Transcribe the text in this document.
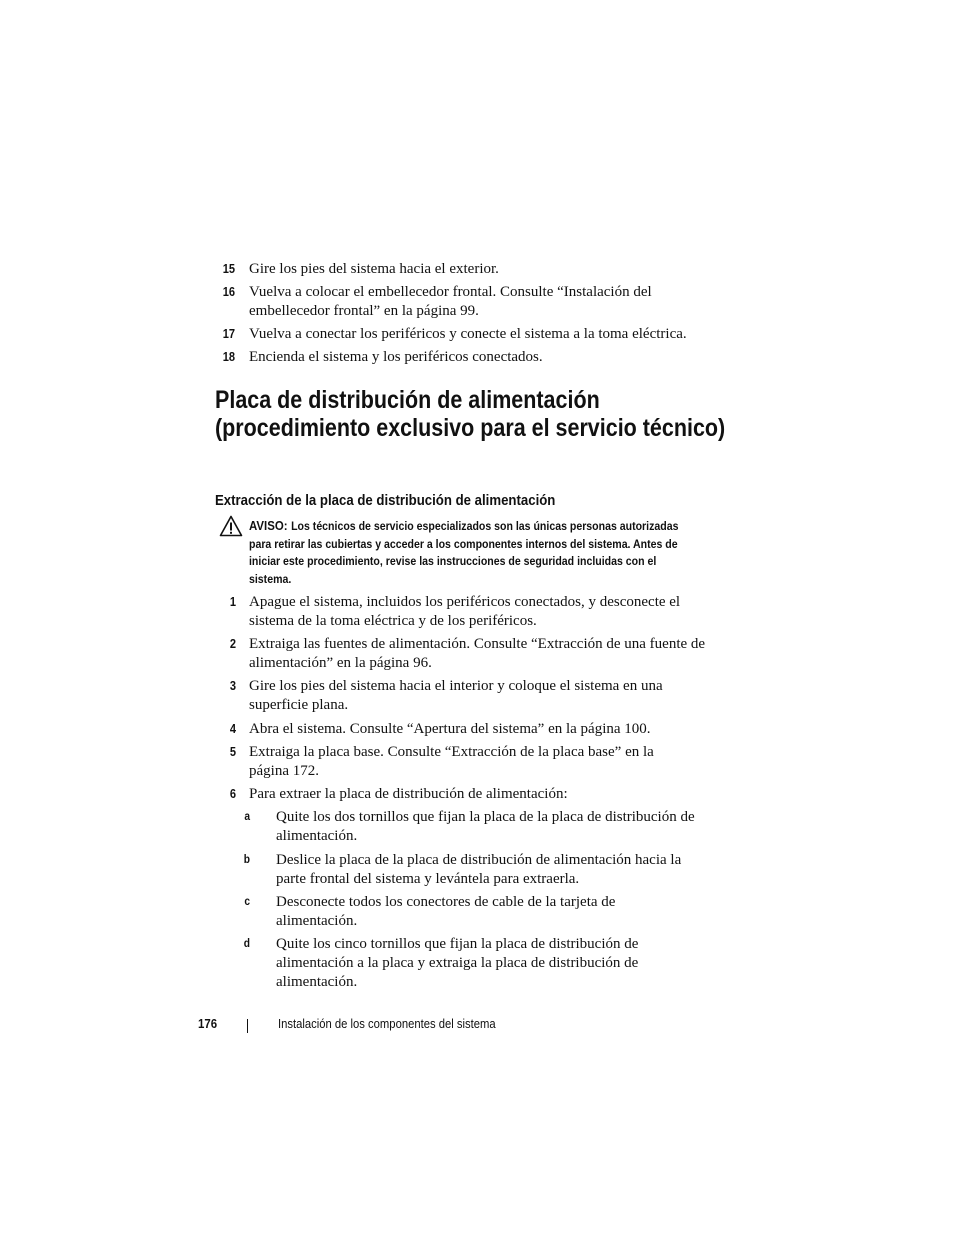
15 Gire los pies del sistema hacia el exterior.
16 Vuelva a colocar el embellecedor frontal. Consulte “Instalación del embellecedor frontal” en la página 99.
17 Vuelva a conectar los periféricos y conecte el sistema a la toma eléctrica.
18 Encienda el sistema y los periféricos conectados.
Placa de distribución de alimentación (procedimiento exclusivo para el servicio técnico)
Extracción de la placa de distribución de alimentación
AVISO: Los técnicos de servicio especializados son las únicas personas autorizadas para retirar las cubiertas y acceder a los componentes internos del sistema. Antes de iniciar este procedimiento, revise las instrucciones de seguridad incluidas con el sistema.
1 Apague el sistema, incluidos los periféricos conectados, y desconecte el sistema de la toma eléctrica y de los periféricos.
2 Extraiga las fuentes de alimentación. Consulte “Extracción de una fuente de alimentación” en la página 96.
3 Gire los pies del sistema hacia el interior y coloque el sistema en una superficie plana.
4 Abra el sistema. Consulte “Apertura del sistema” en la página 100.
5 Extraiga la placa base. Consulte “Extracción de la placa base” en la página 172.
6 Para extraer la placa de distribución de alimentación:
a Quite los dos tornillos que fijan la placa de la placa de distribución de alimentación.
b Deslice la placa de la placa de distribución de alimentación hacia la parte frontal del sistema y levántela para extraerla.
c Desconecte todos los conectores de cable de la tarjeta de alimentación.
d Quite los cinco tornillos que fijan la placa de distribución de alimentación a la placa y extraiga la placa de distribución de alimentación.
176	Instalación de los componentes del sistema
